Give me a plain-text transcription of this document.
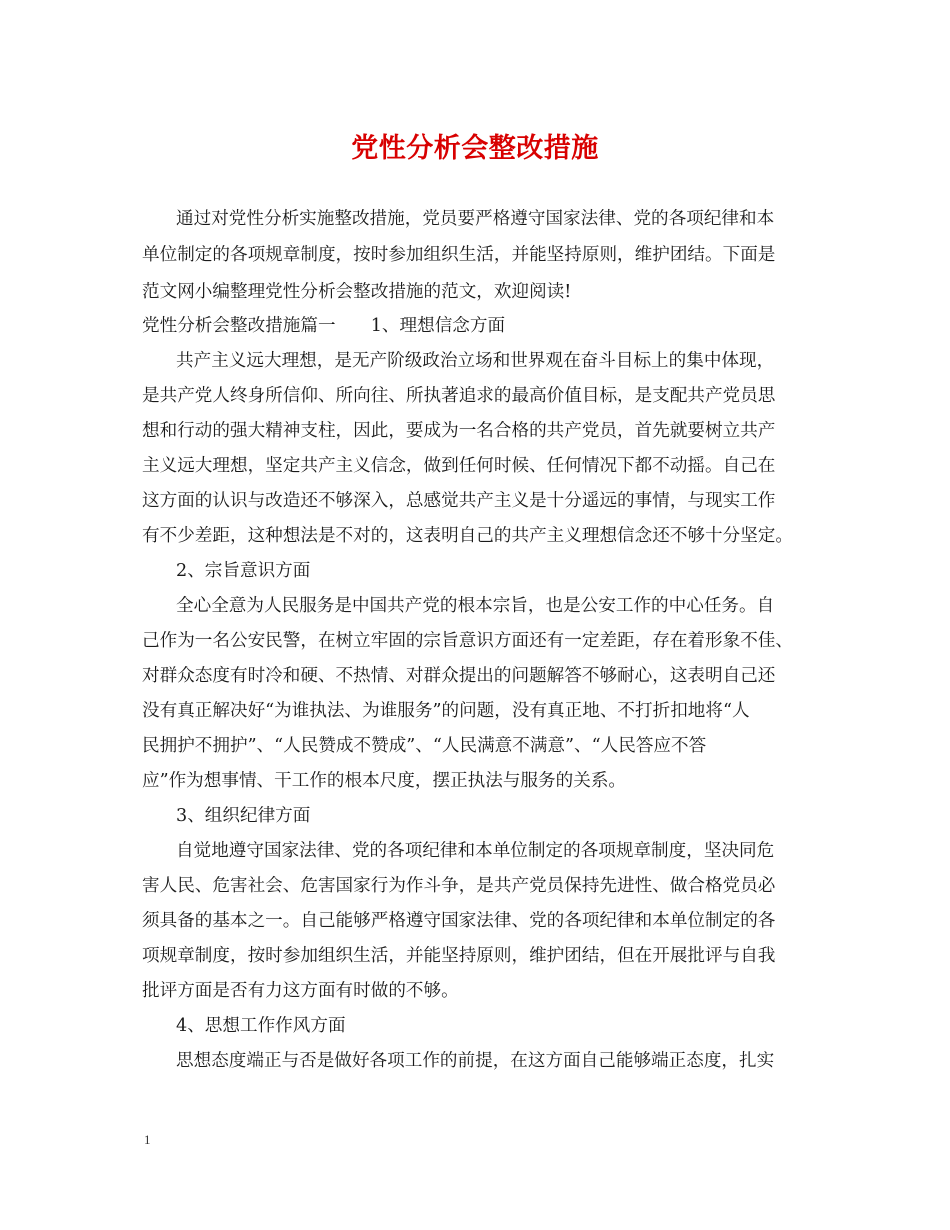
党性分析会整改措施
通过对党性分析实施整改措施，党员要严格遵守国家法律、党的各项纪律和本
单位制定的各项规章制度，按时参加组织生活，并能坚持原则，维护团结。下面是
范文网小编整理党性分析会整改措施的范文，欢迎阅读!
党性分析会整改措施篇一　　1、理想信念方面
共产主义远大理想，是无产阶级政治立场和世界观在奋斗目标上的集中体现，
是共产党人终身所信仰、所向往、所执著追求的最高价值目标，是支配共产党员思
想和行动的强大精神支柱，因此，要成为一名合格的共产党员，首先就要树立共产
主义远大理想，坚定共产主义信念，做到任何时候、任何情况下都不动摇。自己在
这方面的认识与改造还不够深入，总感觉共产主义是十分遥远的事情，与现实工作
有不少差距，这种想法是不对的，这表明自己的共产主义理想信念还不够十分坚定。
2、宗旨意识方面
全心全意为人民服务是中国共产党的根本宗旨，也是公安工作的中心任务。自
己作为一名公安民警，在树立牢固的宗旨意识方面还有一定差距，存在着形象不佳、
对群众态度有时冷和硬、不热情、对群众提出的问题解答不够耐心，这表明自己还
没有真正解决好“为谁执法、为谁服务”的问题，没有真正地、不打折扣地将“人
民拥护不拥护”、“人民赞成不赞成”、“人民满意不满意”、“人民答应不答
应”作为想事情、干工作的根本尺度，摆正执法与服务的关系。
3、组织纪律方面
自觉地遵守国家法律、党的各项纪律和本单位制定的各项规章制度，坚决同危
害人民、危害社会、危害国家行为作斗争，是共产党员保持先进性、做合格党员必
须具备的基本之一。自己能够严格遵守国家法律、党的各项纪律和本单位制定的各
项规章制度，按时参加组织生活，并能坚持原则，维护团结，但在开展批评与自我
批评方面是否有力这方面有时做的不够。
4、思想工作作风方面
思想态度端正与否是做好各项工作的前提，在这方面自己能够端正态度，扎实
1
